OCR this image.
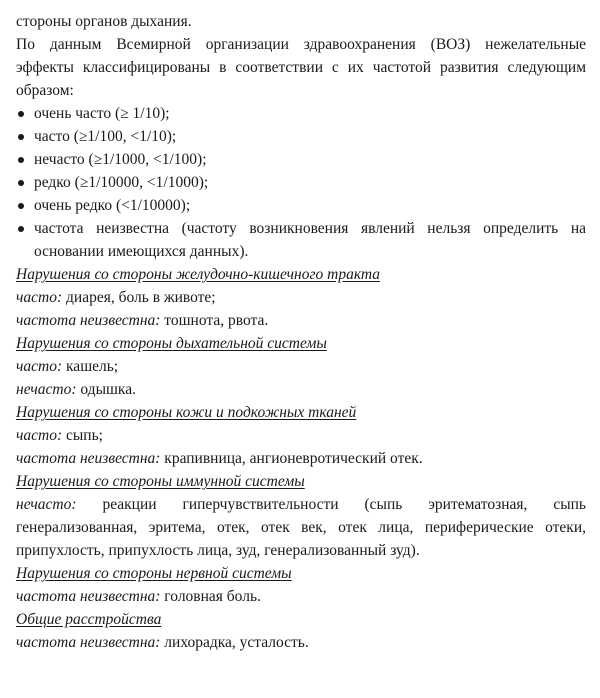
стороны органов дыхания.
По данным Всемирной организации здравоохранения (ВОЗ) нежелательные
эффекты классифицированы в соответствии с их частотой развития следующим
образом:
очень часто (≥ 1/10);
часто (≥1/100, <1/10);
нечасто (≥1/1000, <1/100);
редко (≥1/10000, <1/1000);
очень редко (<1/10000);
частота неизвестна (частоту возникновения явлений нельзя определить на
основании имеющихся данных).
Нарушения со стороны желудочно-кишечного тракта
часто: диарея, боль в животе;
частота неизвестна: тошнота, рвота.
Нарушения со стороны дыхательной системы
часто: кашель;
нечасто: одышка.
Нарушения со стороны кожи и подкожных тканей
часто: сыпь;
частота неизвестна: крапивница, ангионевротический отек.
Нарушения со стороны иммунной системы
нечасто: реакции гиперчувствительности (сыпь эритематозная, сыпь
генерализованная, эритема, отек, отек век, отек лица, периферические отеки,
припухлость, припухлость лица, зуд, генерализованный зуд).
Нарушения со стороны нервной системы
частота неизвестна: головная боль.
Общие расстройства
частота неизвестна: лихорадка, усталость.
